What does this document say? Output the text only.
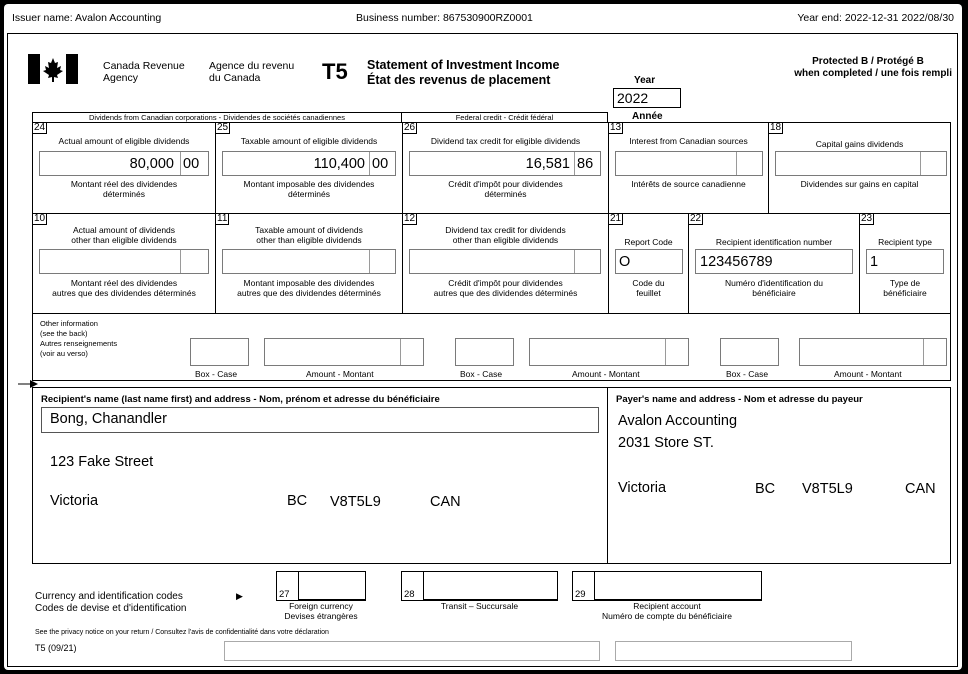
Issuer name: Avalon Accounting	Business number: 867530900RZ0001	Year end: 2022-12-31 2022/08/30
Canada Revenue
Agency
Agence du revenu
du Canada	T5 Statement of Investment Income
État des revenus de placement	Year
2022
Année
Protected B / Protégé B
when completed / une fois rempli
Dividends from Canadian corporations - Dividendes de sociétés canadiennes	Federal credit - Crédit fédéral
24
Actual amount of eligible dividends
80,000 00
Montant réel des dividendes
déterminés
25
Taxable amount of eligible dividends
110,400 00
Montant imposable des dividendes
déterminés
26
Dividend tax credit for eligible dividends
16,581 86
Crédit d'impôt pour dividendes
déterminés
13
Interest from Canadian sources
Intérêts de source canadienne
18
Capital gains dividends
Dividendes sur gains en capital
10
Actual amount of dividends
other than eligible dividends
Montant réel des dividendes
autres que des dividendes déterminés
11
Taxable amount of dividends
other than eligible dividends
Montant imposable des dividendes
autres que des dividendes déterminés
12
Dividend tax credit for dividends
other than eligible dividends
Crédit d'impôt pour dividendes
autres que des dividendes déterminés
21
Report Code
O
Code du
feuillet
22
Recipient identification number
123456789
Numéro d'identification du
bénéficiaire
23
Recipient type
1
Type de
bénéficiaire
Other information
(see the back)
Autres renseignements
(voir au verso)
Box - Case	Amount - Montant	Box - Case	Amount - Montant	Box - Case	Amount - Montant
Recipient's name (last name first) and address - Nom, prénom et adresse du bénéficiaire
Bong, Chanandler
123 Fake Street
Victoria	BC V8T5L9	CAN
Payer's name and address - Nom et adresse du payeur
Avalon Accounting
2031 Store ST.
Victoria	BC V8T5L9	CAN
Currency and identification codes
Codes de devise et d'identification
▶	27
Foreign currency
Devises étrangères
28
Transit – Succursale
29
Recipient account
Numéro de compte du bénéficiaire
See the privacy notice on your return / Consultez l'avis de confidentialité dans votre déclaration
T5 (09/21)
